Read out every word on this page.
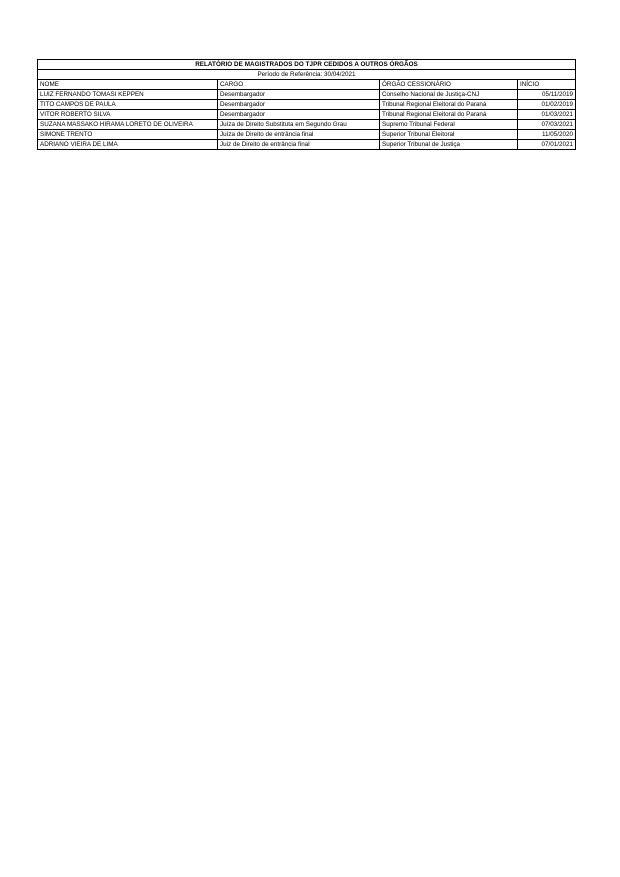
RELATÓRIO DE MAGISTRADOS DO TJPR CEDIDOS A OUTROS ÓRGÃOS			
Período de Referência: 30/04/2021			
NOME	CARGO	ÓRGÃO CESSIONÁRIO	INÍCIO
LUIZ FERNANDO TOMASI KEPPEN	Desembargador	Conselho Nacional de Justiça-CNJ	05/11/2019
TITO CAMPOS DE PAULA	Desembargador	Tribunal Regional Eleitoral do Paraná	01/02/2019
VITOR ROBERTO SILVA	Desembargador	Tribunal Regional Eleitoral do Paraná	01/03/2021
SUZANA MASSAKO HIRAMA LORETO DE OLIVEIRA	Juíza de Direito Substituta em Segundo Grau	Supremo Tribunal Federal	07/03/2021
SIMONE TRENTO	Juíza de Direito de entrância final	Superior Tribunal Eleitoral	11/05/2020
ADRIANO VIEIRA DE LIMA	Juiz de Direito de entrância final	Superior Tribunal de Justiça	07/01/2021
